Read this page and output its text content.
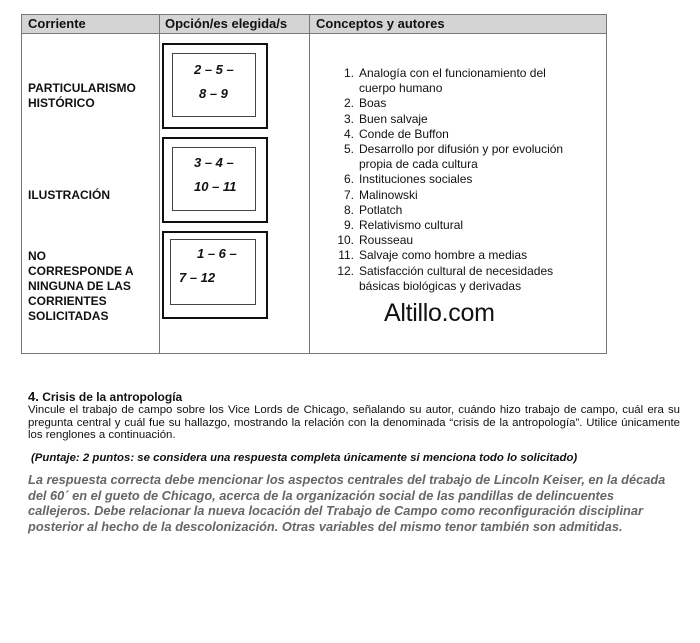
Corriente	Opción/es elegida/s Conceptos y autores
PARTICULARISMO
HISTÓRICO
2 – 5 –
8 – 9
ILUSTRACIÓN
3 – 4 –
10 – 11
NO
CORRESPONDE A
NINGUNA DE LAS
CORRIENTES
SOLICITADAS
1 – 6 –
7 – 12
1. Analogía con el funcionamiento del
cuerpo humano
2. Boas
3. Buen salvaje
4. Conde de Buffon
5. Desarrollo por difusión y por evolución
propia de cada cultura
6. Instituciones sociales
7. Malinowski
8. Potlatch
9. Relativismo cultural
10. Rousseau
11. Salvaje como hombre a medias
12. Satisfacción cultural de necesidades
básicas biológicas y derivadas
Altillo.com
4. Crisis de la antropología
Vincule el trabajo de campo sobre los Vice Lords de Chicago, señalando su autor, cuándo hizo trabajo de campo, cuál era su pregunta central y cuál fue su hallazgo, mostrando la relación con la denominada “crisis de la antropología”. Utilice únicamente los renglones a continuación.
(Puntaje: 2 puntos: se considera una respuesta completa únicamente si menciona todo lo solicitado)
La respuesta correcta debe mencionar los aspectos centrales del trabajo de Lincoln Keiser, en la década del 60´ en el gueto de Chicago, acerca de la organización social de las pandillas de delincuentes callejeros. Debe relacionar la nueva locación del Trabajo de Campo como reconfiguración disciplinar posterior al hecho de la descolonización. Otras variables del mismo tenor también son admitidas.
